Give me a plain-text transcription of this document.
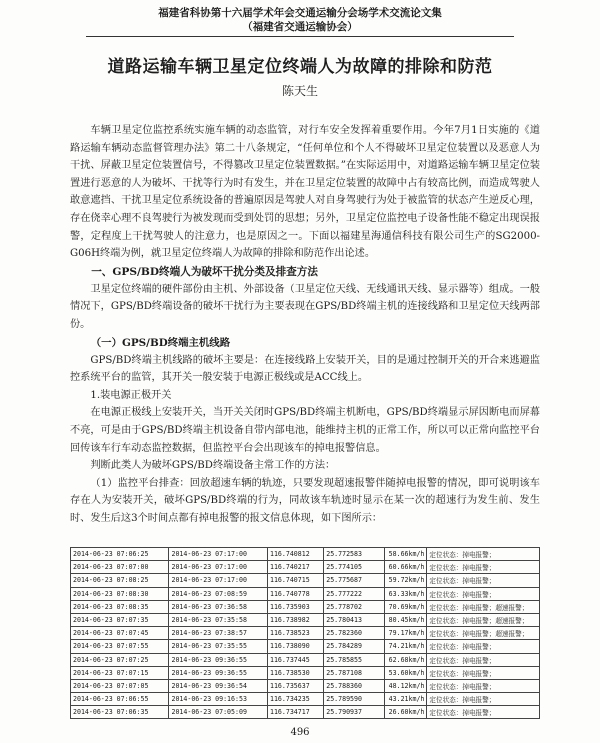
福建省科协第十六届学术年会交通运输分会场学术交流论文集
（福建省交通运输协会）
道路运输车辆卫星定位终端人为故障的排除和防范
陈天生

车辆卫星定位监控系统实施车辆的动态监管，对行车安全发挥着重要作用。今年7月1日实施的《道路运输车辆动态监督管理办法》第二十八条规定，“任何单位和个人不得破坏卫星定位装置以及恶意人为干扰、屏蔽卫星定位装置信号，不得篡改卫星定位装置数据。”在实际运用中，对道路运输车辆卫星定位装置进行恶意的人为破坏、干扰等行为时有发生，并在卫星定位装置的故障中占有较高比例，而造成驾驶人敢意遮挡、干扰卫星定位系统设备的普遍原因是驾驶人对自身驾驶行为处于被监管的状态产生逆反心理，存在侥幸心理不良驾驶行为被发现而受到处罚的思想；另外，卫星定位监控电子设备性能不稳定出现误报警，定程度上干扰驾驶人的注意力，也是原因之一。下面以福建星海通信科技有限公司生产的SG2000-G06H终端为例，就卫星定位终端人为故障的排除和防范作出论述。

一、GPS/BD终端人为破坏干扰分类及排查方法

卫星定位终端的硬件部份由主机、外部设备（卫星定位天线、无线通讯天线、显示器等）组成。一般情况下，GPS/BD终端设备的破坏干扰行为主要表现在GPS/BD终端主机的连接线路和卫星定位天线两部份。

（一）GPS/BD终端主机线路

GPS/BD终端主机线路的破坏主要是：在连接线路上安装开关，目的是通过控制开关的开合来逃避监控系统平台的监管，其开关一般安装于电源正极线或是ACC线上。

1.装电源正极开关

在电源正极线上安装开关，当开关关闭时GPS/BD终端主机断电，GPS/BD终端显示屏因断电而屏幕不亮，可是由于GPS/BD终端主机设备自带内部电池，能维持主机的正常工作，所以可以正常向监控平台回传该车行车动态监控数据，但监控平台会出现该车的掉电报警信息。

判断此类人为破坏GPS/BD终端设备主常工作的方法：

（1）监控平台排查：回放超速车辆的轨迹，只要发现超速报警伴随掉电报警的情况，即可说明该车存在人为安装开关，破坏GPS/BD终端的行为，同故该车轨迹时显示在某一次的超速行为发生前、发生时、发生后这3个时间点都有掉电报警的报文信息体现，如下图所示：

2014-06-23 07:06:25	2014-06-23 07:17:00	116.740812	25.772583	58.66km/h	定位状态：掉电报警；
2014-06-23 07:07:00	2014-06-23 07:17:00	116.740217	25.774105	60.66km/h	定位状态：掉电报警；
2014-06-23 07:08:25	2014-06-23 07:17:00	116.740715	25.775687	59.72km/h	定位状态：掉电报警；
2014-06-23 07:08:30	2014-06-23 07:08:59	116.740778	25.777222	63.33km/h	定位状态：掉电报警；
2014-06-23 07:08:35	2014-06-23 07:36:58	116.735903	25.778702	70.69km/h	定位状态：掉电报警；超速报警；
2014-06-23 07:07:35	2014-06-23 07:35:58	116.738982	25.780413	80.45km/h	定位状态：掉电报警；超速报警；
2014-06-23 07:07:45	2014-06-23 07:38:57	116.738523	25.782360	79.17km/h	定位状态：掉电报警；超速报警；
2014-06-23 07:07:55	2014-06-23 07:35:55	116.738090	25.784289	74.21km/h	定位状态：掉电报警；
2014-06-23 07:07:25	2014-06-23 09:36:55	116.737445	25.785855	62.68km/h	定位状态：掉电报警；
2014-06-23 07:07:15	2014-06-23 09:36:55	116.738530	25.787108	53.60km/h	定位状态：掉电报警；
2014-06-23 07:07:05	2014-06-23 09:36:54	116.735637	25.788360	48.12km/h	定位状态：掉电报警；
2014-06-23 07:06:55	2014-06-23 09:16:53	116.734235	25.789590	43.21km/h	定位状态：掉电报警；
2014-06-23 07:06:35	2014-06-23 07:05:09	116.734717	25.790937	26.60km/h	定位状态：掉电报警；
496
